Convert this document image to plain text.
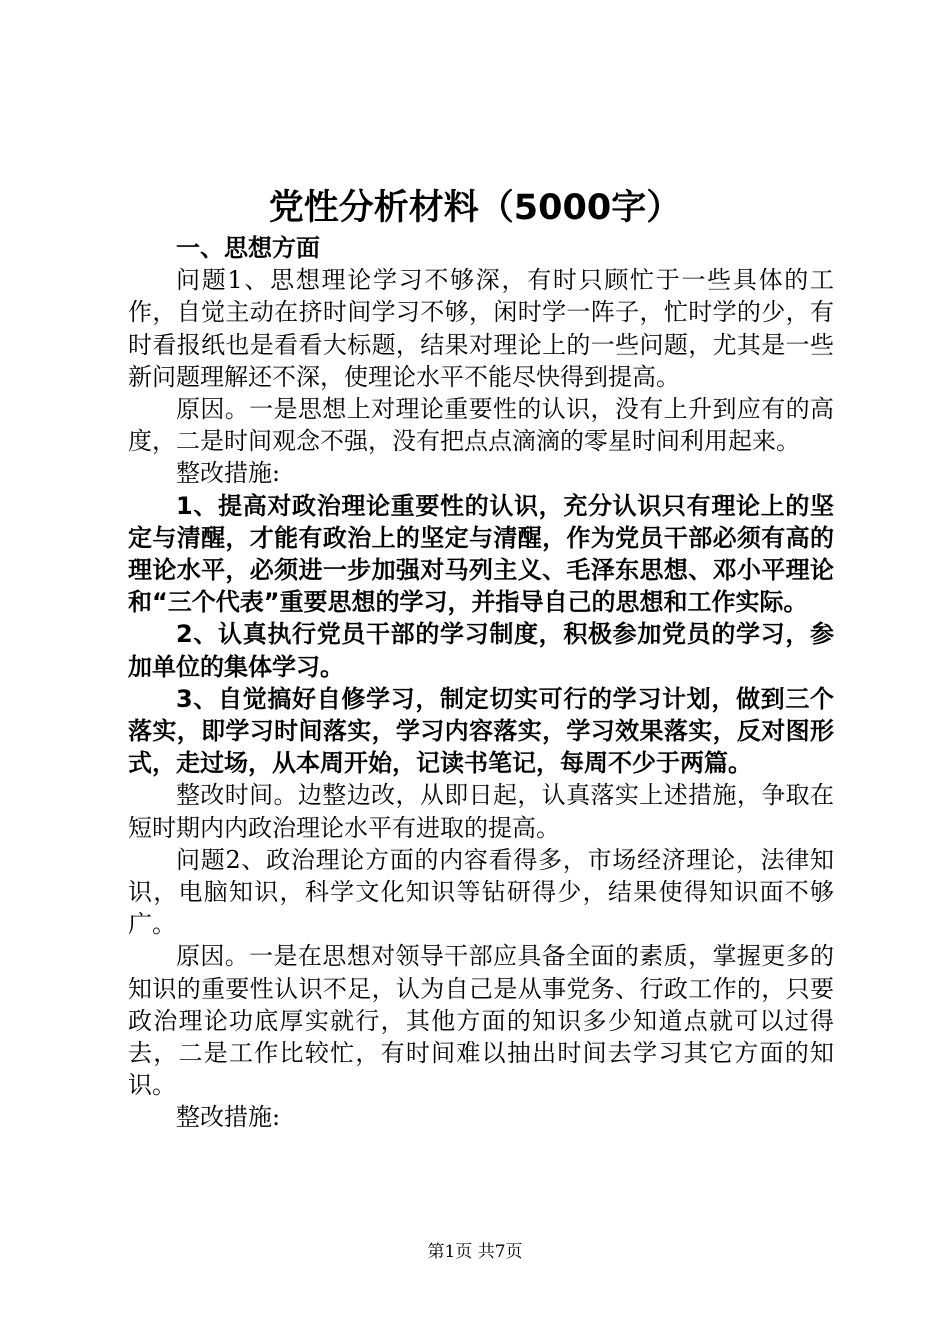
党性分析材料（5000字）

一、思想方面

问题1、思想理论学习不够深，有时只顾忙于一些具体的工作，自觉主动在挤时间学习不够，闲时学一阵子，忙时学的少，有时看报纸也是看看大标题，结果对理论上的一些问题，尤其是一些新问题理解还不深，使理论水平不能尽快得到提高。

原因。一是思想上对理论重要性的认识，没有上升到应有的高度，二是时间观念不强，没有把点点滴滴的零星时间利用起来。

整改措施:

1、提高对政治理论重要性的认识，充分认识只有理论上的坚定与清醒，才能有政治上的坚定与清醒，作为党员干部必须有高的理论水平，必须进一步加强对马列主义、毛泽东思想、邓小平理论和“三个代表”重要思想的学习，并指导自己的思想和工作实际。

2、认真执行党员干部的学习制度，积极参加党员的学习，参加单位的集体学习。

3、自觉搞好自修学习，制定切实可行的学习计划，做到三个落实，即学习时间落实，学习内容落实，学习效果落实，反对图形式，走过场，从本周开始，记读书笔记，每周不少于两篇。

整改时间。边整边改，从即日起，认真落实上述措施，争取在短时期内内政治理论水平有进取的提高。

问题2、政治理论方面的内容看得多，市场经济理论，法律知识，电脑知识，科学文化知识等钻研得少，结果使得知识面不够广。

原因。一是在思想对领导干部应具备全面的素质，掌握更多的知识的重要性认识不足，认为自己是从事党务、行政工作的，只要政治理论功底厚实就行，其他方面的知识多少知道点就可以过得去，二是工作比较忙，有时间难以抽出时间去学习其它方面的知识。

整改措施:

第1页 共7页
